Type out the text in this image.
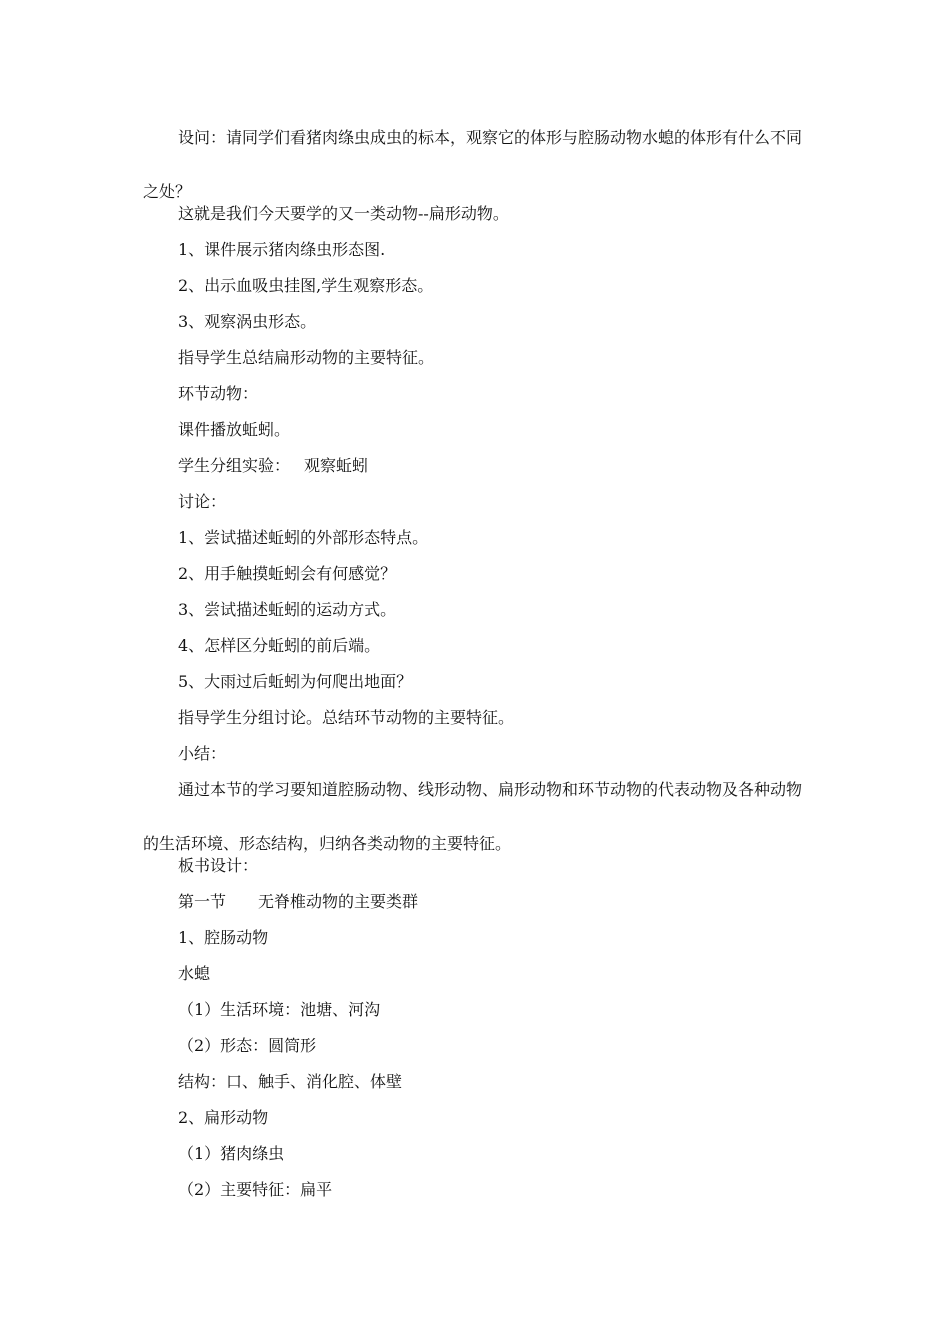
设问：请同学们看猪肉绦虫成虫的标本，观察它的体形与腔肠动物水螅的体形有什么不同之处？
这就是我们今天要学的又一类动物--扁形动物。
1、课件展示猪肉绦虫形态图.
2、出示血吸虫挂图,学生观察形态。
3、观察涡虫形态。
指导学生总结扁形动物的主要特征。
环节动物：
课件播放蚯蚓。
学生分组实验： 观察蚯蚓
讨论：
1、尝试描述蚯蚓的外部形态特点。
2、用手触摸蚯蚓会有何感觉？
3、尝试描述蚯蚓的运动方式。
4、怎样区分蚯蚓的前后端。
5、大雨过后蚯蚓为何爬出地面？
指导学生分组讨论。总结环节动物的主要特征。
小结：
通过本节的学习要知道腔肠动物、线形动物、扁形动物和环节动物的代表动物及各种动物的生活环境、形态结构，归纳各类动物的主要特征。
板书设计：
第一节 无脊椎动物的主要类群
1、腔肠动物
水螅
（1）生活环境：池塘、河沟
（2）形态：圆筒形
结构：口、触手、消化腔、体壁
2、扁形动物
（1）猪肉绦虫
（2）主要特征：扁平
